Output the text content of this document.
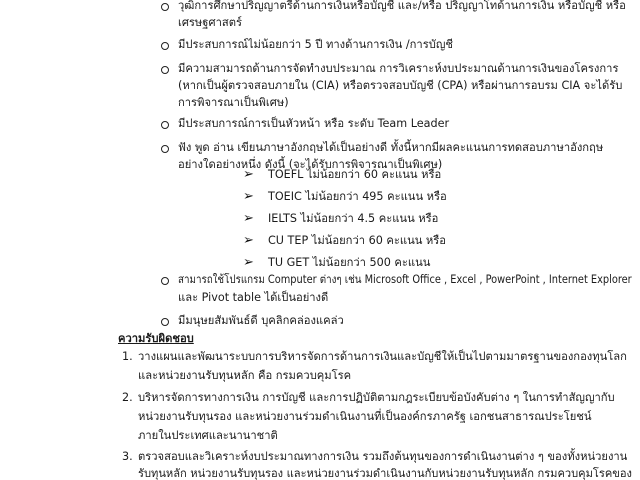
วุฒิการศึกษาปริญญาตรีด้านการเงินหรือบัญชี และ/หรือ ปริญญาโทด้านการเงิน หรือบัญชี หรือ
เศรษฐศาสตร์
มีประสบการณ์ไม่น้อยกว่า 5 ปี ทางด้านการเงิน /การบัญชี
มีความสามารถด้านการจัดทำงบประมาณ การวิเคราะห์งบประมาณด้านการเงินของโครงการ
(หากเป็นผู้ตรวจสอบภายใน (CIA) หรือตรวจสอบบัญชี (CPA) หรือผ่านการอบรม CIA จะได้รับ
การพิจารณาเป็นพิเศษ)
มีประสบการณ์การเป็นหัวหน้า หรือ ระดับ Team Leader
ฟัง พูด อ่าน เขียนภาษาอังกฤษได้เป็นอย่างดี ทั้งนี้หากมีผลคะแนนการทดสอบภาษาอังกฤษ
อย่างใดอย่างหนึ่ง ดังนี้ (จะได้รับการพิจารณาเป็นพิเศษ)
➢ TOEFL ไม่น้อยกว่า 60 คะแนน หรือ
➢ TOEIC ไม่น้อยกว่า 495 คะแนน หรือ
➢ IELTS ไม่น้อยกว่า 4.5 คะแนน หรือ
➢ CU TEP ไม่น้อยกว่า 60 คะแนน หรือ
➢ TU GET ไม่น้อยกว่า 500 คะแนน
สามารถใช้โปรแกรม Computer ต่างๆ เช่น Microsoft Office , Excel , PowerPoint , Internet Explorer
และ Pivot table ได้เป็นอย่างดี
มีมนุษยสัมพันธ์ดี บุคลิกคล่องแคล่ว
ความรับผิดชอบ
1. วางแผนและพัฒนาระบบการบริหารจัดการด้านการเงินและบัญชีให้เป็นไปตามมาตรฐานของกองทุนโลก
และหน่วยงานรับทุนหลัก คือ กรมควบคุมโรค
2. บริหารจัดการทางการเงิน การบัญชี และการปฏิบัติตามกฎระเบียบข้อบังคับต่าง ๆ ในการทำสัญญากับ
หน่วยงานรับทุนรอง และหน่วยงานร่วมดำเนินงานที่เป็นองค์กรภาครัฐ เอกชนสาธารณประโยชน์
ภายในประเทศและนานาชาติ
3. ตรวจสอบและวิเคราะห์งบประมาณทางการเงิน รวมถึงต้นทุนของการดำเนินงานต่าง ๆ ของทั้งหน่วยงาน
รับทุนหลัก หน่วยงานรับทุนรอง และหน่วยงานร่วมดำเนินงานกับหน่วยงานรับทุนหลัก กรมควบคุมโรคของ
